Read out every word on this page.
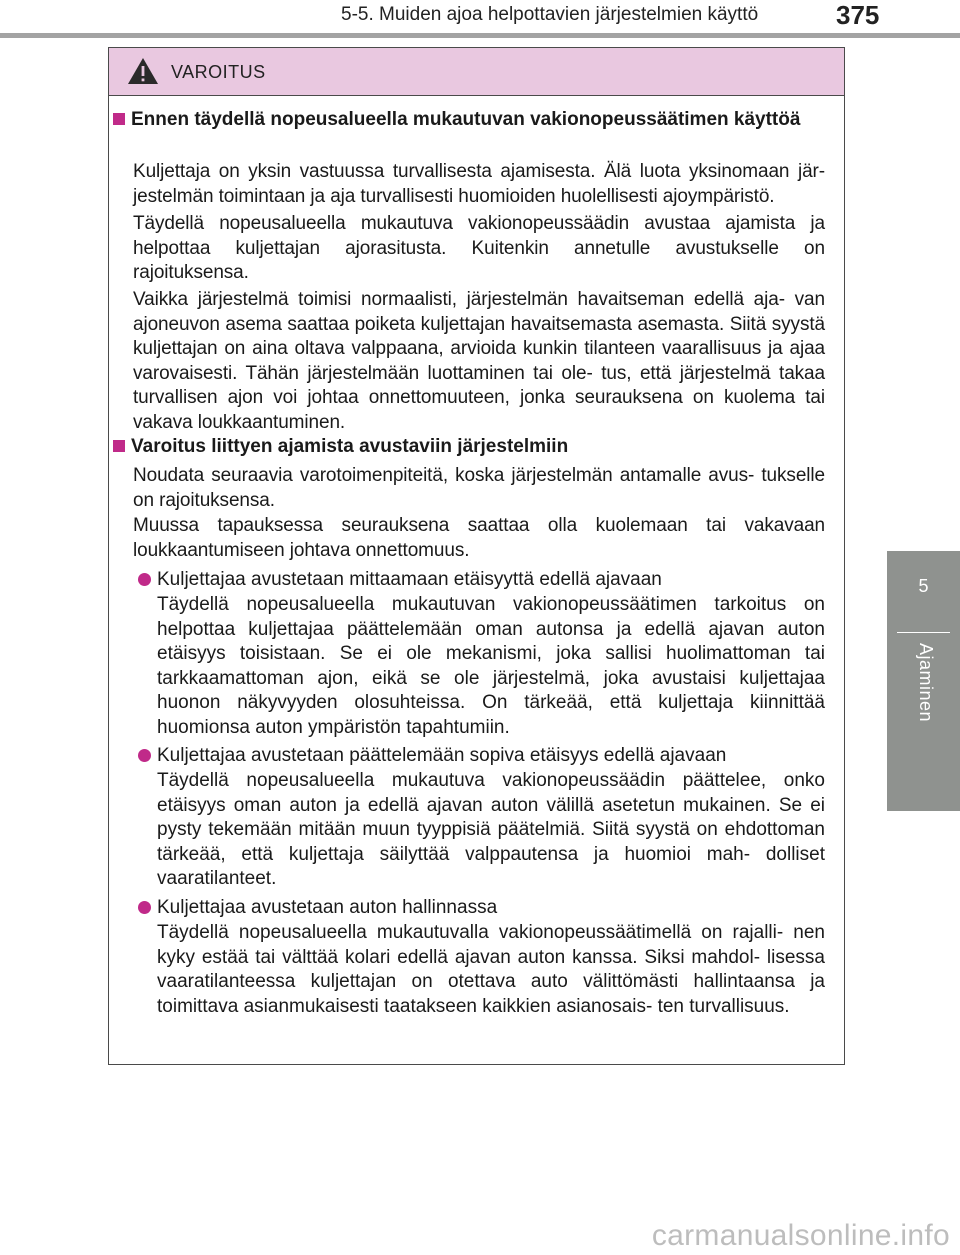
5-5. Muiden ajoa helpottavien järjestelmien käyttö	375
5
Ajaminen
VAROITUS
Ennen täydellä nopeusalueella mukautuvan vakionopeussäätimen käyttöä
Kuljettaja on yksin vastuussa turvallisesta ajamisesta. Älä luota yksinomaan jär- jestelmän toimintaan ja aja turvallisesti huomioiden huolellisesti ajoympäristö.
Täydellä nopeusalueella mukautuva vakionopeussäädin avustaa ajamista ja helpottaa kuljettajan ajorasitusta. Kuitenkin annetulle avustukselle on rajoituksensa.
Vaikka järjestelmä toimisi normaalisti, järjestelmän havaitseman edellä aja- van ajoneuvon asema saattaa poiketa kuljettajan havaitsemasta asemasta. Siitä syystä kuljettajan on aina oltava valppaana, arvioida kunkin tilanteen vaarallisuus ja ajaa varovaisesti. Tähän järjestelmään luottaminen tai ole- tus, että järjestelmä takaa turvallisen ajon voi johtaa onnettomuuteen, jonka seurauksena on kuolema tai vakava loukkaantuminen.
Varoitus liittyen ajamista avustaviin järjestelmiin
Noudata seuraavia varotoimenpiteitä, koska järjestelmän antamalle avus- tukselle on rajoituksensa.
Muussa tapauksessa seurauksena saattaa olla kuolemaan tai vakavaan loukkaantumiseen johtava onnettomuus.
Kuljettajaa avustetaan mittaamaan etäisyyttä edellä ajavaan
Täydellä nopeusalueella mukautuvan vakionopeussäätimen tarkoitus on helpottaa kuljettajaa päättelemään oman autonsa ja edellä ajavan auton etäisyys toisistaan. Se ei ole mekanismi, joka sallisi huolimattoman tai tarkkaamattoman ajon, eikä se ole järjestelmä, joka avustaisi kuljettajaa huonon näkyvyyden olosuhteissa. On tärkeää, että kuljettaja kiinnittää huomionsa auton ympäristön tapahtumiin.
Kuljettajaa avustetaan päättelemään sopiva etäisyys edellä ajavaan
Täydellä nopeusalueella mukautuva vakionopeussäädin päättelee, onko etäisyys oman auton ja edellä ajavan auton välillä asetetun mukainen. Se ei pysty tekemään mitään muun tyyppisiä päätelmiä. Siitä syystä on ehdottoman tärkeää, että kuljettaja säilyttää valppautensa ja huomioi mah- dolliset vaaratilanteet.
Kuljettajaa avustetaan auton hallinnassa
Täydellä nopeusalueella mukautuvalla vakionopeussäätimellä on rajalli- nen kyky estää tai välttää kolari edellä ajavan auton kanssa. Siksi mahdol- lisessa vaaratilanteessa kuljettajan on otettava auto välittömästi hallintaansa ja toimittava asianmukaisesti taatakseen kaikkien asianosais- ten turvallisuus.
carmanualsonline.info
